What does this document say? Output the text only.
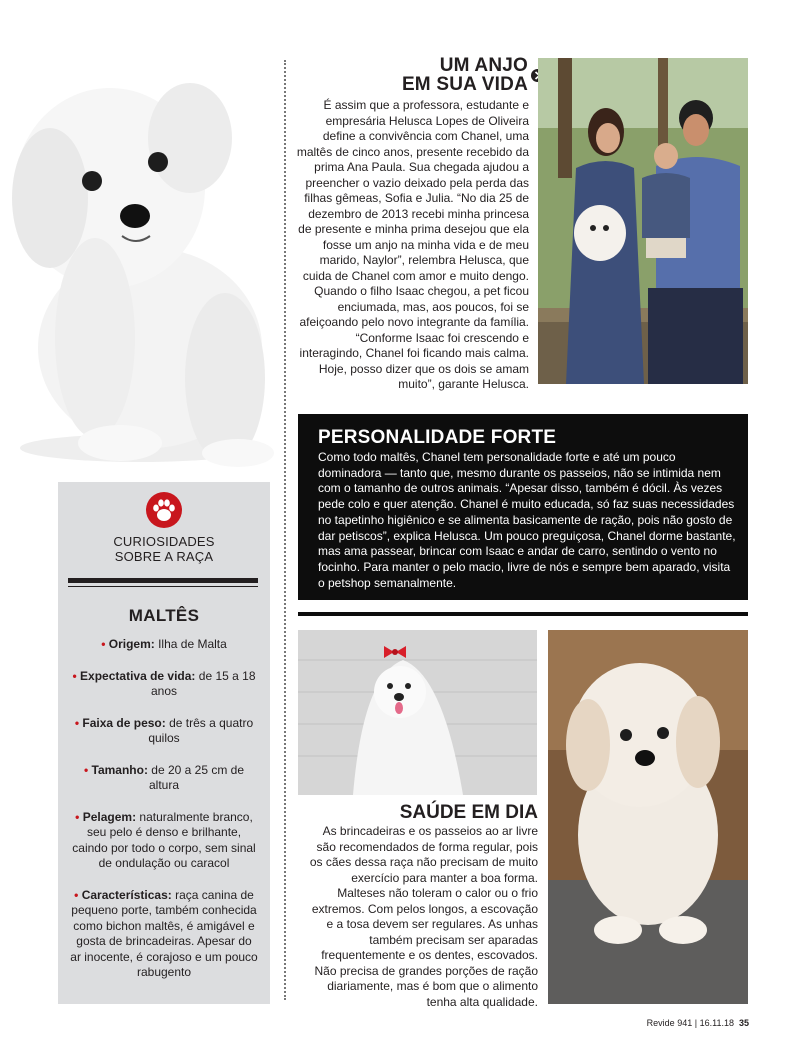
CURIOSIDADES
SOBRE A RAÇA
MALTÊS
• Origem: Ilha de Malta
• Expectativa de vida: de 15 a 18 anos
• Faixa de peso: de três a quatro quilos
• Tamanho: de 20 a 25 cm de altura
• Pelagem: naturalmente branco, seu pelo é denso e brilhante, caindo por todo o corpo, sem sinal de ondulação ou caracol
• Características: raça canina de pequeno porte, também conhecida como bichon maltês, é amigável e gosta de brincadeiras. Apesar do ar inocente, é corajoso e um pouco rabugento
UM ANJO
EM SUA VIDA
É assim que a professora, estudante e empresária Helusca Lopes de Oliveira define a convivência com Chanel, uma maltês de cinco anos, presente recebido da prima Ana Paula. Sua chegada ajudou a preencher o vazio deixado pela perda das filhas gêmeas, Sofia e Julia. “No dia 25 de dezembro de 2013 recebi minha princesa de presente e minha prima desejou que ela fosse um anjo na minha vida e de meu marido, Naylor”, relembra Helusca, que cuida de Chanel com amor e muito dengo. Quando o filho Isaac chegou, a pet ficou enciumada, mas, aos poucos, foi se afeiçoando pelo novo integrante da família. “Conforme Isaac foi crescendo e interagindo, Chanel foi ficando mais calma. Hoje, posso dizer que os dois se amam muito”, garante Helusca.
PERSONALIDADE FORTE
Como todo maltês, Chanel tem personalidade forte e até um pouco dominadora — tanto que, mesmo durante os passeios, não se intimida nem com o tamanho de outros animais. “Apesar disso, também é dócil. Às vezes pede colo e quer atenção. Chanel é muito educada, só faz suas necessidades no tapetinho higiênico e se alimenta basicamente de ração, pois não gosto de dar petiscos”, explica Helusca. Um pouco preguiçosa, Chanel dorme bastante, mas ama passear, brincar com Isaac e andar de carro, sentindo o vento no focinho. Para manter o pelo macio, livre de nós e sempre bem aparado, visita o petshop semanalmente.
SAÚDE EM DIA
As brincadeiras e os passeios ao ar livre são recomendados de forma regular, pois os cães dessa raça não precisam de muito exercício para manter a boa forma. Malteses não toleram o calor ou o frio extremos. Com pelos longos, a escovação e a tosa devem ser regulares. As unhas também precisam ser aparadas frequentemente e os dentes, escovados. Não precisa de grandes porções de ração diariamente, mas é bom que o alimento tenha alta qualidade.
Revide 941 | 16.11.18 35
